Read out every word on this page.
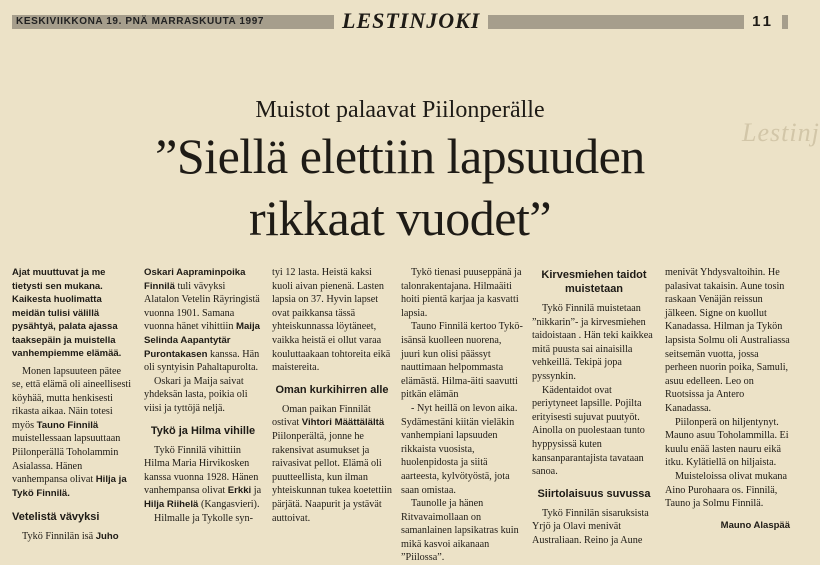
KESKIVIIKKONA 19. PNÄ MARRASKUUTA 1997	LESTINJOKI	11
Lestinj
Muistot palaavat Piilonperälle
”Siellä elettiin lapsuuden
rikkaat vuodet”
Ajat muuttuvat ja me tietysti sen mukana. Kaikesta huolimatta meidän tulisi välillä pysähtyä, palata ajassa taaksepäin ja muistella vanhempiemme elämää.

Monen lapsuuteen pätee se, että elämä oli aineellisesti köyhää, mutta henkisesti rikasta aikaa. Näin totesi myös Tauno Finnilä muistellessaan lapsuuttaan Piilonperällä Toholammin Asialassa. Hänen vanhempansa olivat Hilja ja Tykö Finnilä.

Vetelistä vävyksi

Tykö Finnilän isä Juho

Oskari Aapraminpoika Finnilä tuli vävyksi Alatalon Vetelin Räyringistä vuonna 1901. Samana vuonna hänet vihittiin Maija Selinda Aapantytär Purontakasen kanssa. Hän oli syntyisin Pahaltapurolta.

Oskari ja Maija saivat yhdeksän lasta, poikia oli viisi ja tyttöjä neljä.

Tykö ja Hilma vihille

Tykö Finnilä vihittiin Hilma Maria Hirvikosken kanssa vuonna 1928. Hänen vanhempansa olivat Erkki ja Hilja Riihelä (Kangasvieri).

Hilmalle ja Tykolle syn-

tyi 12 lasta. Heistä kaksi kuoli aivan pienenä. Lasten lapsia on 37. Hyvin lapset ovat paikkansa tässä yhteiskunnassa löytäneet, vaikka heistä ei ollut varaa kouluttaakaan tohtoreita eikä maistereita.

Oman kurkihirren alle

Oman paikan Finnilät ostivat Vihtori Määttälältä Piilonperältä, jonne he rakensivat asumukset ja raivasivat pellot. Elämä oli puutteellista, kun ilman yhteiskunnan tukea koetettiin pärjätä. Naapurit ja ystävät auttoivat.

Tykö tienasi puuseppänä ja talonrakentajana. Hilmaäiti hoiti pientä karjaa ja kasvatti lapsia.

Tauno Finnilä kertoo Tykö-isänsä kuolleen nuorena, juuri kun olisi päässyt nauttimaan helpommasta elämästä. Hilma-äiti saavutti pitkän elämän

- Nyt heillä on levon aika. Sydämestäni kiitän vieläkin vanhempiani lapsuuden rikkaista vuosista, huolenpidosta ja siitä aarteesta, kylvötyöstä, jota saan omistaa.

Taunolle ja hänen Ritvavaimollaan on samanlainen lapsikatras kuin mikä kasvoi aikanaan ”Piilossa”.

Kirvesmiehen taidot muistetaan

Tykö Finnilä muistetaan ”nikkarin”- ja kirvesmiehen taidoistaan . Hän teki kaikkea mitä puusta sai ainaisilla vehkeillä. Tekipä jopa pyssynkin.

Kädentaidot ovat periytyneet lapsille. Pojilta erityisesti sujuvat puutyöt. Ainolla on puolestaan tunto hyppysissä kuten kansanparantajista tavataan sanoa.

Siirtolaisuus suvussa

Tykö Finnilän sisaruksista Yrjö ja Olavi menivät Australiaan. Reino ja Aune

menivät Yhdysvaltoihin. He palasivat takaisin. Aune tosin raskaan Venäjän reissun jälkeen. Signe on kuollut Kanadassa. Hilman ja Tykön lapsista Solmu oli Australiassa seitsemän vuotta, jossa perheen nuorin poika, Samuli, asuu edelleen. Leo on Ruotsissa ja Antero Kanadassa.

Piilonperä on hiljentynyt. Mauno asuu Toholammilla. Ei kuulu enää lasten nauru eikä itku. Kylätiellä on hiljaista.

Muisteloissa olivat mukana Aino Purohaara os. Finnilä, Tauno ja Solmu Finnilä.

Mauno Alaspää
